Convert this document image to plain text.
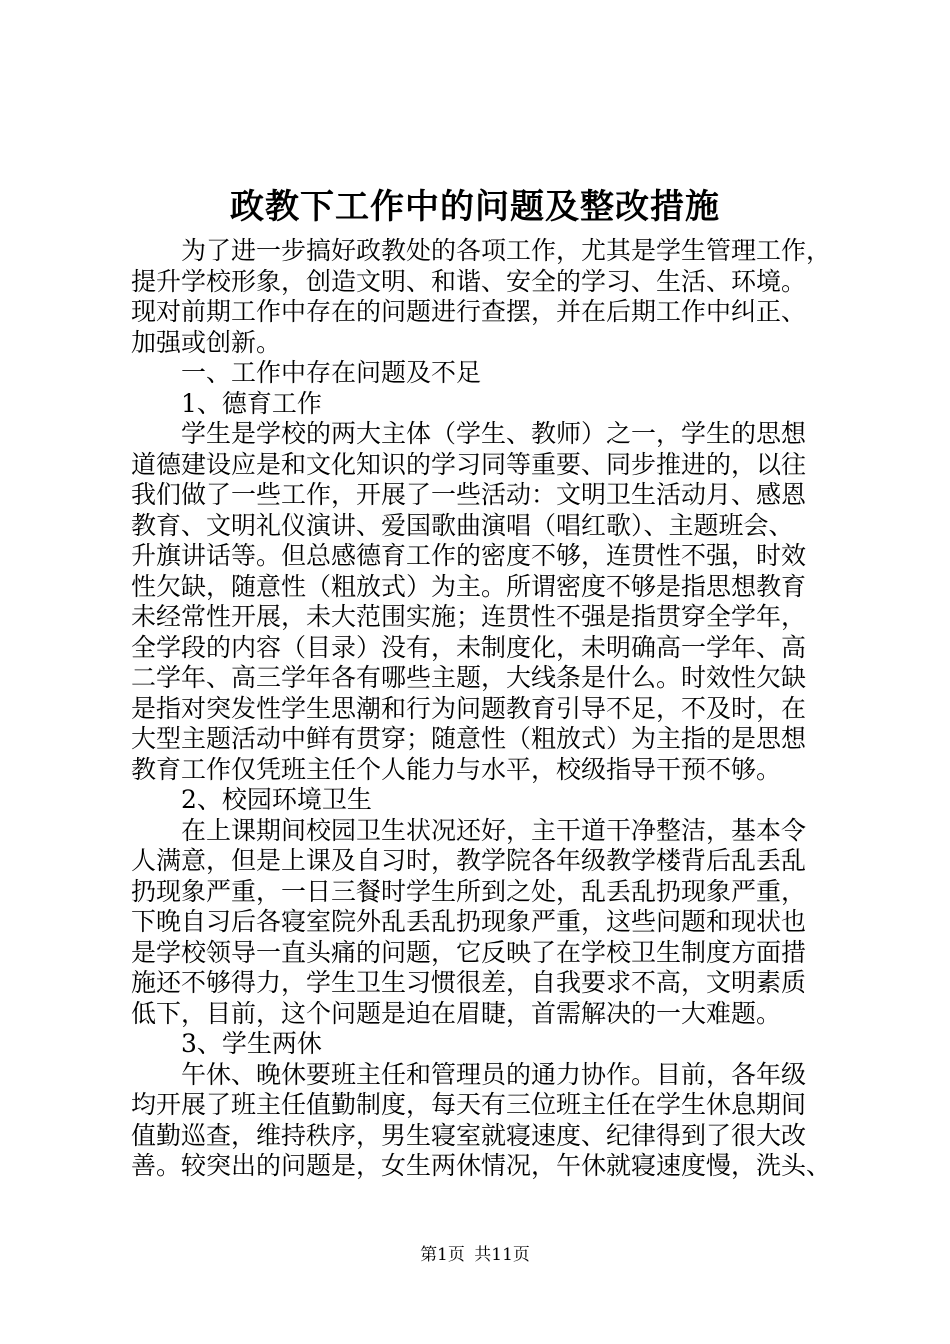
政教下工作中的问题及整改措施
为了进一步搞好政教处的各项工作，尤其是学生管理工作，
提升学校形象，创造文明、和谐、安全的学习、生活、环境。
现对前期工作中存在的问题进行查摆，并在后期工作中纠正、
加强或创新。
一、工作中存在问题及不足
1、德育工作
学生是学校的两大主体（学生、教师）之一，学生的思想
道德建设应是和文化知识的学习同等重要、同步推进的，以往
我们做了一些工作，开展了一些活动：文明卫生活动月、感恩
教育、文明礼仪演讲、爱国歌曲演唱（唱红歌）、主题班会、
升旗讲话等。但总感德育工作的密度不够，连贯性不强，时效
性欠缺，随意性（粗放式）为主。所谓密度不够是指思想教育
未经常性开展，未大范围实施；连贯性不强是指贯穿全学年，
全学段的内容（目录）没有，未制度化，未明确高一学年、高
二学年、高三学年各有哪些主题，大线条是什么。时效性欠缺
是指对突发性学生思潮和行为问题教育引导不足，不及时，在
大型主题活动中鲜有贯穿；随意性（粗放式）为主指的是思想
教育工作仅凭班主任个人能力与水平，校级指导干预不够。
2、校园环境卫生
在上课期间校园卫生状况还好，主干道干净整洁，基本令
人满意，但是上课及自习时，教学院各年级教学楼背后乱丢乱
扔现象严重，一日三餐时学生所到之处，乱丢乱扔现象严重，
下晚自习后各寝室院外乱丢乱扔现象严重，这些问题和现状也
是学校领导一直头痛的问题，它反映了在学校卫生制度方面措
施还不够得力，学生卫生习惯很差，自我要求不高，文明素质
低下，目前，这个问题是迫在眉睫，首需解决的一大难题。
3、学生两休
午休、晚休要班主任和管理员的通力协作。目前，各年级
均开展了班主任值勤制度，每天有三位班主任在学生休息期间
值勤巡查，维持秩序，男生寝室就寝速度、纪律得到了很大改
善。较突出的问题是，女生两休情况，午休就寝速度慢，洗头、
第1页 共11页
